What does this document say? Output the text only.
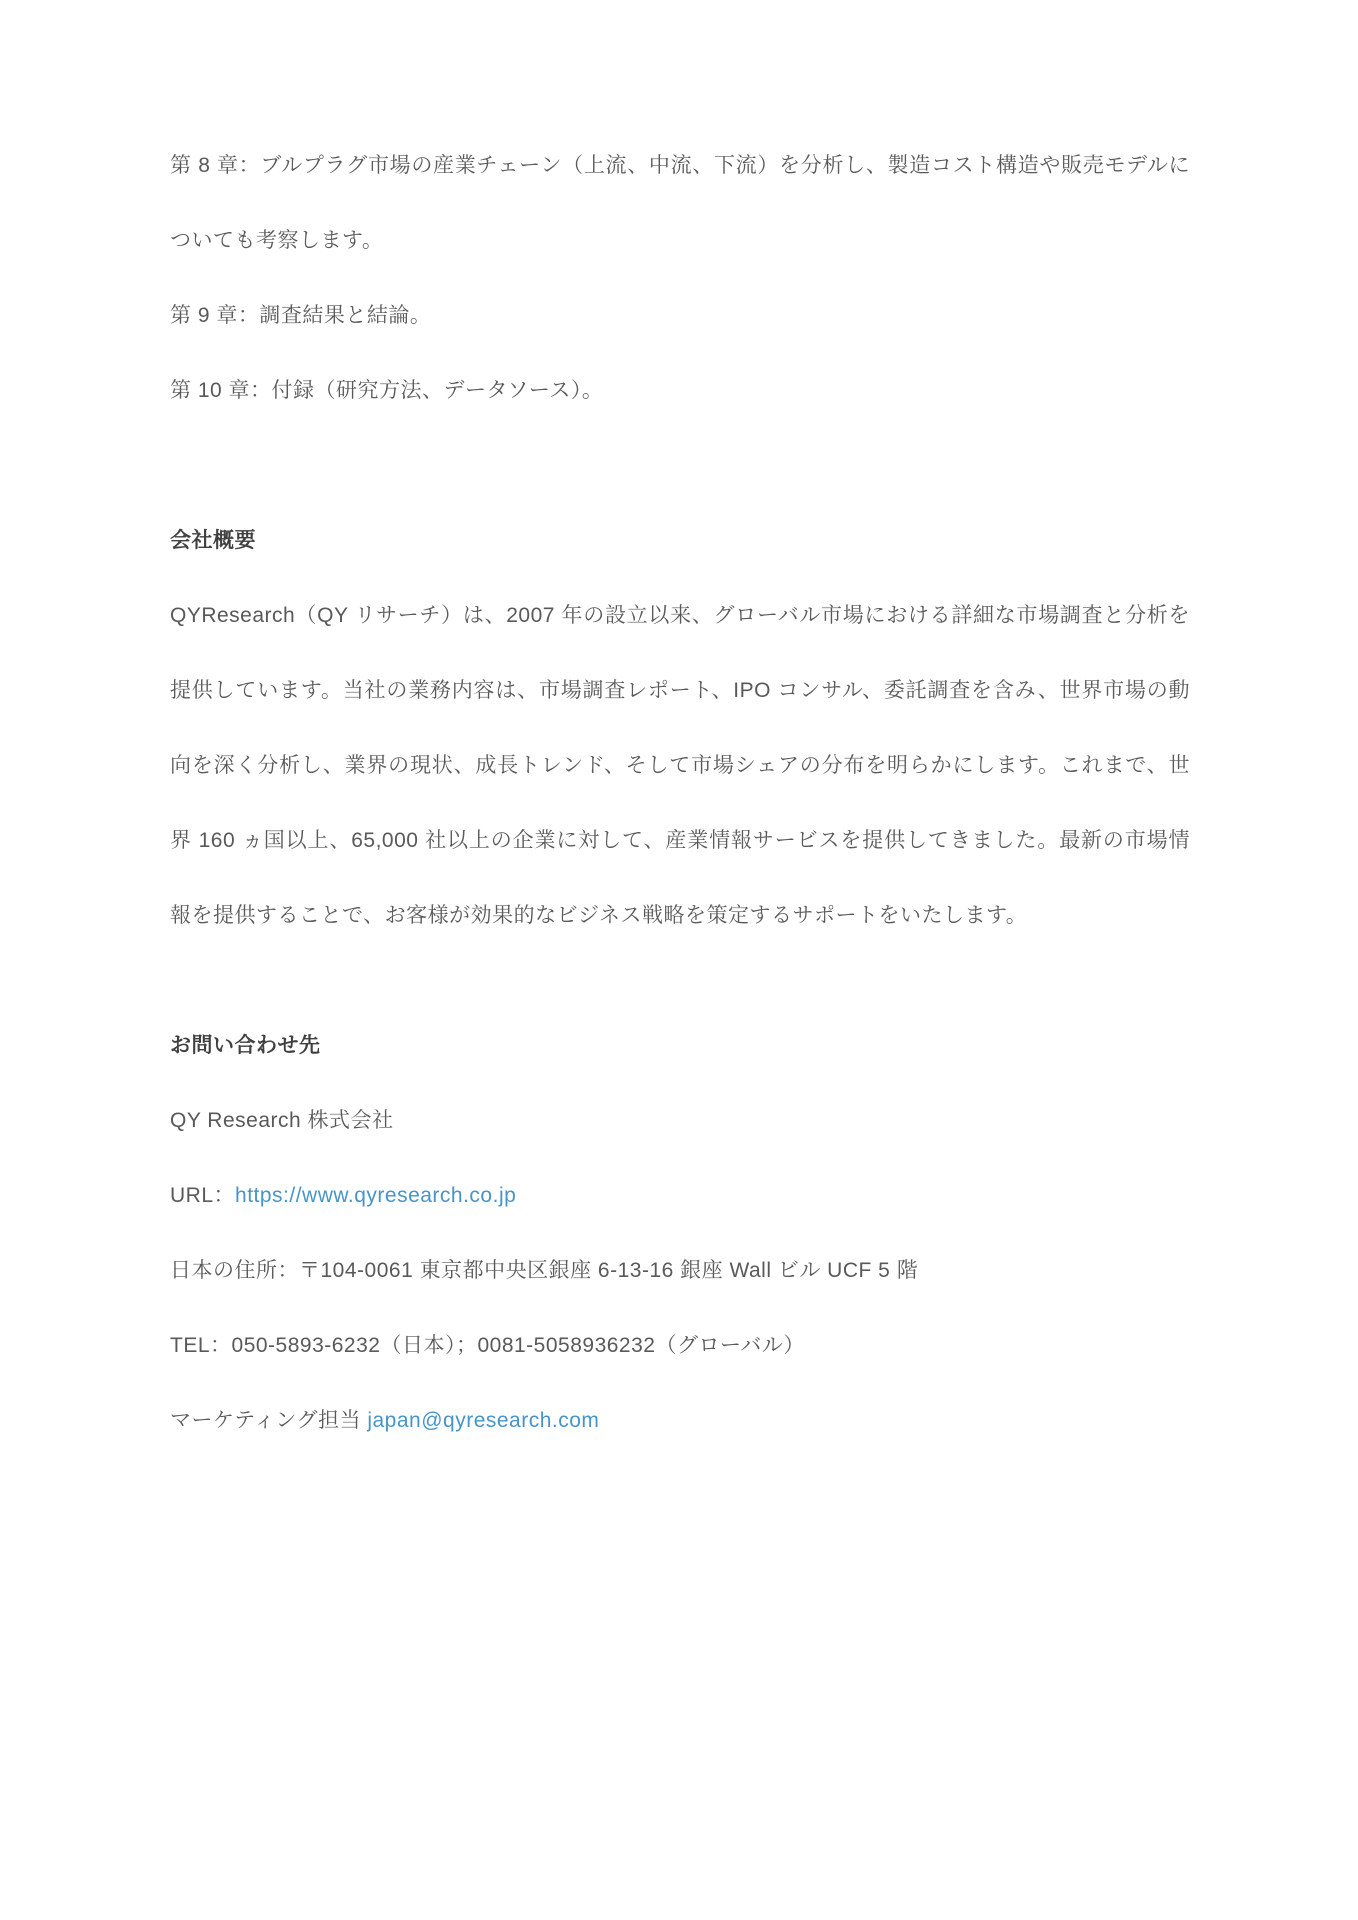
第 8 章：ブルプラグ市場の産業チェーン（上流、中流、下流）を分析し、製造コスト構造や販売モデルについても考察します。

第 9 章：調査結果と結論。

第 10 章：付録（研究方法、データソース）。

会社概要

QYResearch（QY リサーチ）は、2007 年の設立以来、グローバル市場における詳細な市場調査と分析を提供しています。当社の業務内容は、市場調査レポート、IPO コンサル、委託調査を含み、世界市場の動向を深く分析し、業界の現状、成長トレンド、そして市場シェアの分布を明らかにします。これまで、世界 160 ヵ国以上、65,000 社以上の企業に対して、産業情報サービスを提供してきました。最新の市場情報を提供することで、お客様が効果的なビジネス戦略を策定するサポートをいたします。

お問い合わせ先

QY Research 株式会社

URL：https://www.qyresearch.co.jp

日本の住所：〒104-0061 東京都中央区銀座 6-13-16 銀座 Wall ビル UCF 5 階

TEL：050-5893-6232（日本）；0081-5058936232（グローバル）

マーケティング担当 japan@qyresearch.com
